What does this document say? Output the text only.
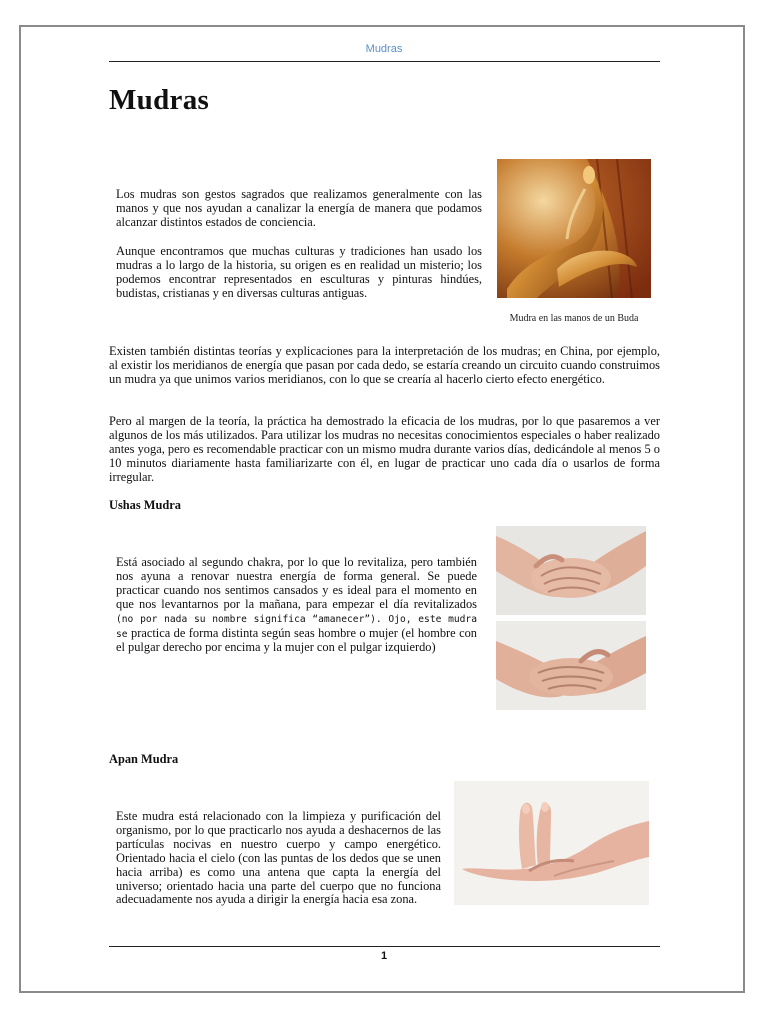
Mudras
Mudras

Los mudras son gestos sagrados que realizamos generalmente con las manos y que nos ayudan a canalizar la energía de manera que podamos alcanzar distintos estados de conciencia.

Aunque encontramos que muchas culturas y tradiciones han usado los mudras a lo largo de la historia, su origen es en realidad un misterio; los podemos encontrar representados en esculturas y pinturas hindúes, budistas, cristianas y en diversas culturas antiguas.

Mudra en las manos de un Buda

Existen también distintas teorías y explicaciones para la interpretación de los mudras; en China, por ejemplo, al existir los meridianos de energía que pasan por cada dedo, se estaría creando un circuito cuando construimos un mudra ya que unimos varios meridianos, con lo que se crearía al hacerlo cierto efecto energético.

Pero al margen de la teoría, la práctica ha demostrado la eficacia de los mudras, por lo que pasaremos a ver algunos de los más utilizados. Para utilizar los mudras no necesitas conocimientos especiales o haber realizado antes yoga, pero es recomendable practicar con un mismo mudra durante varios días, dedicándole al menos 5 o 10 minutos diariamente hasta familiarizarte con él, en lugar de practicar uno cada día o usarlos de forma irregular.

Ushas Mudra

Está asociado al segundo chakra, por lo que lo revitaliza, pero también nos ayuna a renovar nuestra energía de forma general. Se puede practicar cuando nos sentimos cansados y es ideal para el momento en que nos levantarnos por la mañana, para empezar el día revitalizados (no por nada su nombre significa “amanecer”). Ojo, este mudra se practica de forma distinta según seas hombre o mujer (el hombre con el pulgar derecho por encima y la mujer con el pulgar izquierdo)

Apan Mudra

Este mudra está relacionado con la limpieza y purificación del organismo, por lo que practicarlo nos ayuda a deshacernos de las partículas nocivas en nuestro cuerpo y campo energético. Orientado hacia el cielo (con las puntas de los dedos que se unen hacia arriba) es como una antena que capta la energía del universo; orientado hacia una parte del cuerpo que no funciona adecuadamente nos ayuda a dirigir la energía hacia esa zona.

1
